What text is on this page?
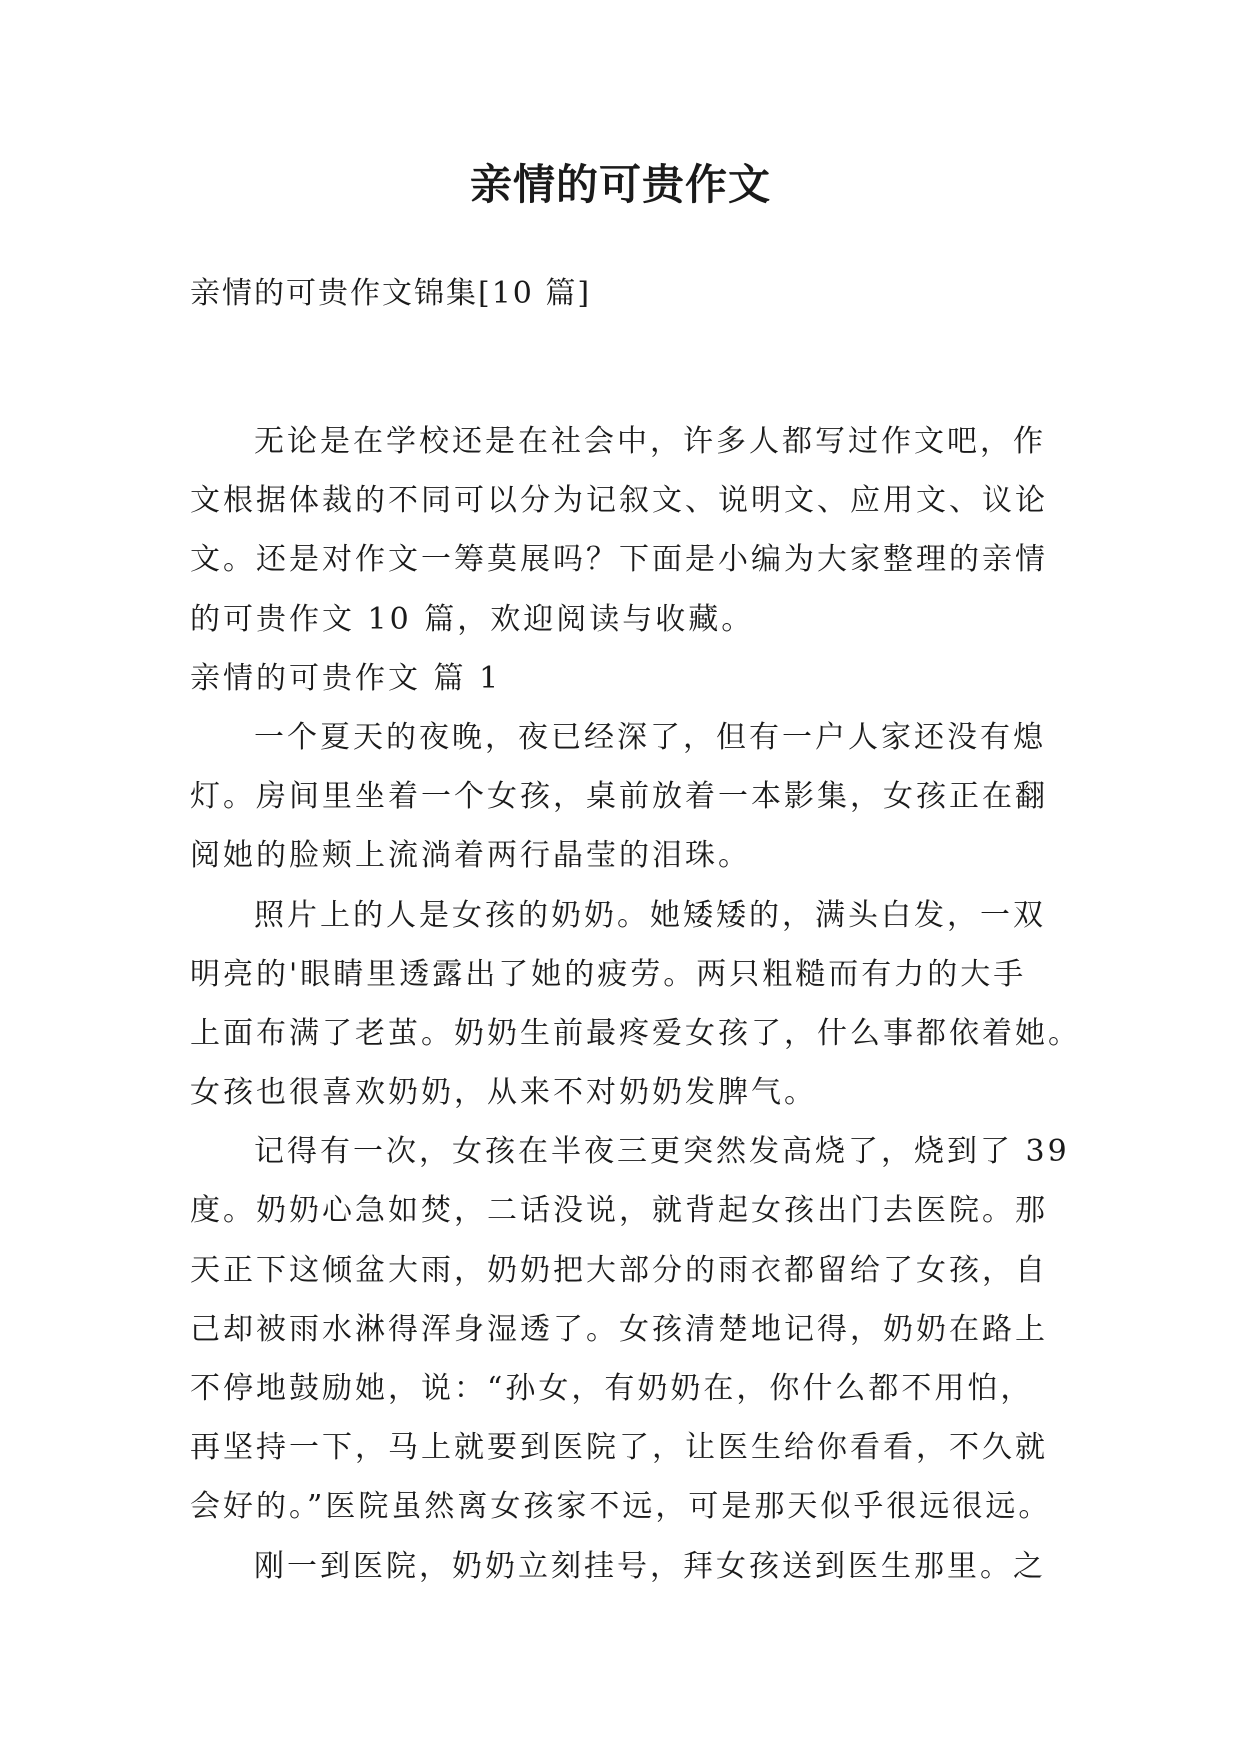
亲情的可贵作文

亲情的可贵作文锦集[10 篇]

无论是在学校还是在社会中，许多人都写过作文吧，作
文根据体裁的不同可以分为记叙文、说明文、应用文、议论
文。还是对作文一筹莫展吗？下面是小编为大家整理的亲情
的可贵作文 10 篇，欢迎阅读与收藏。
亲情的可贵作文 篇 1
一个夏天的夜晚，夜已经深了，但有一户人家还没有熄
灯。房间里坐着一个女孩，桌前放着一本影集，女孩正在翻
阅她的脸颊上流淌着两行晶莹的泪珠。
照片上的人是女孩的奶奶。她矮矮的，满头白发，一双
明亮的'眼睛里透露出了她的疲劳。两只粗糙而有力的大手
上面布满了老茧。奶奶生前最疼爱女孩了，什么事都依着她。
女孩也很喜欢奶奶，从来不对奶奶发脾气。
记得有一次，女孩在半夜三更突然发高烧了，烧到了 39
度。奶奶心急如焚，二话没说，就背起女孩出门去医院。那
天正下这倾盆大雨，奶奶把大部分的雨衣都留给了女孩，自
己却被雨水淋得浑身湿透了。女孩清楚地记得，奶奶在路上
不停地鼓励她，说：“孙女，有奶奶在，你什么都不用怕，
再坚持一下，马上就要到医院了，让医生给你看看，不久就
会好的。”医院虽然离女孩家不远，可是那天似乎很远很远。
刚一到医院，奶奶立刻挂号，拜女孩送到医生那里。之
